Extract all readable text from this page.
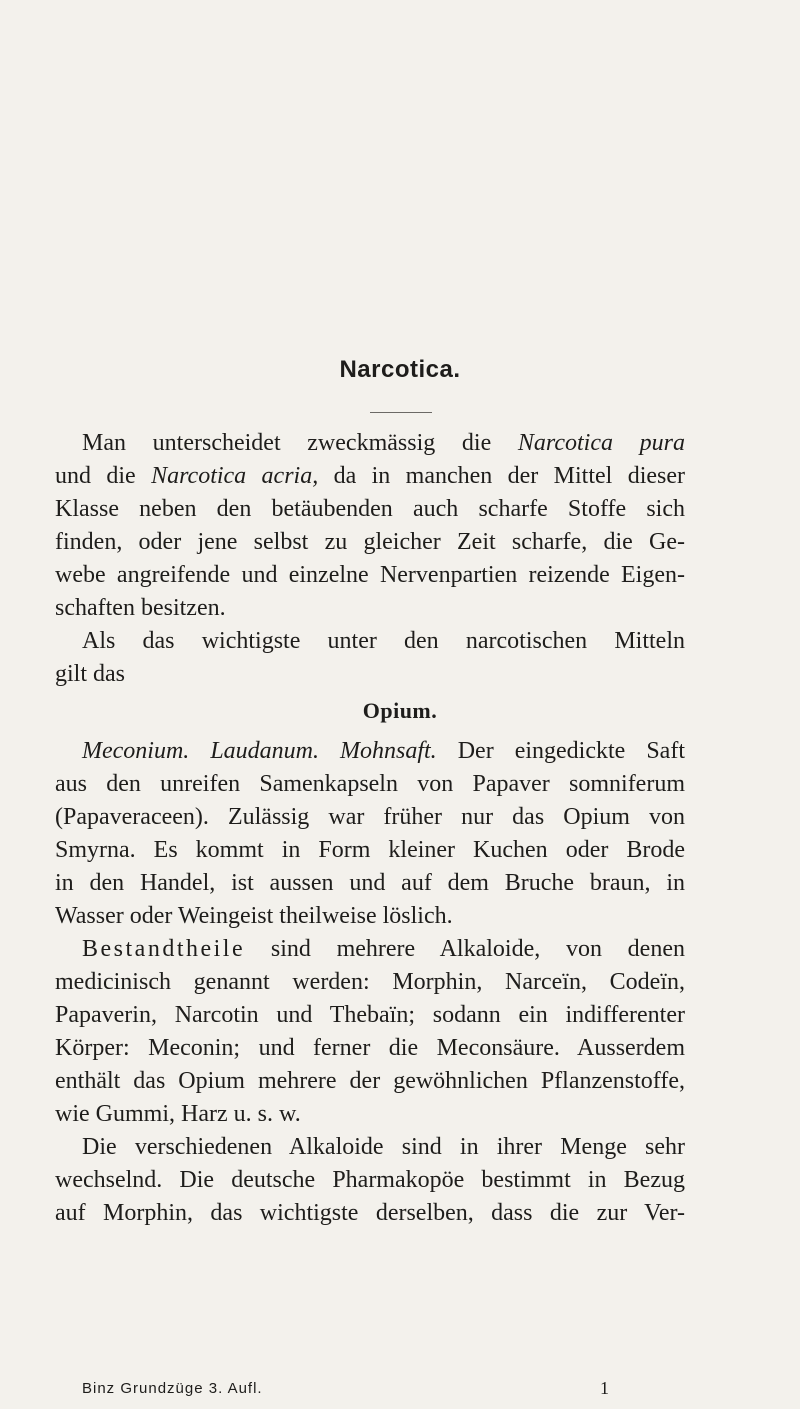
Narcotica.
Man unterscheidet zweckmässig die Narcotica pura
und die Narcotica acria, da in manchen der Mittel dieser
Klasse neben den betäubenden auch scharfe Stoffe sich
finden, oder jene selbst zu gleicher Zeit scharfe, die Ge-
webe angreifende und einzelne Nervenpartien reizende Eigen-
schaften besitzen.
Als das wichtigste unter den narcotischen Mitteln
gilt das
Opium.
Meconium. Laudanum. Mohnsaft. Der eingedickte Saft
aus den unreifen Samenkapseln von Papaver somniferum
(Papaveraceen). Zulässig war früher nur das Opium von
Smyrna. Es kommt in Form kleiner Kuchen oder Brode
in den Handel, ist aussen und auf dem Bruche braun, in
Wasser oder Weingeist theilweise löslich.
Bestandtheile sind mehrere Alkaloide, von denen
medicinisch genannt werden: Morphin, Narceïn, Codeïn,
Papaverin, Narcotin und Thebaïn; sodann ein indifferenter
Körper: Meconin; und ferner die Meconsäure. Ausserdem
enthält das Opium mehrere der gewöhnlichen Pflanzenstoffe,
wie Gummi, Harz u. s. w.
Die verschiedenen Alkaloide sind in ihrer Menge sehr
wechselnd. Die deutsche Pharmakopöe bestimmt in Bezug
auf Morphin, das wichtigste derselben, dass die zur Ver-
Binz Grundzüge 3. Aufl.	1
